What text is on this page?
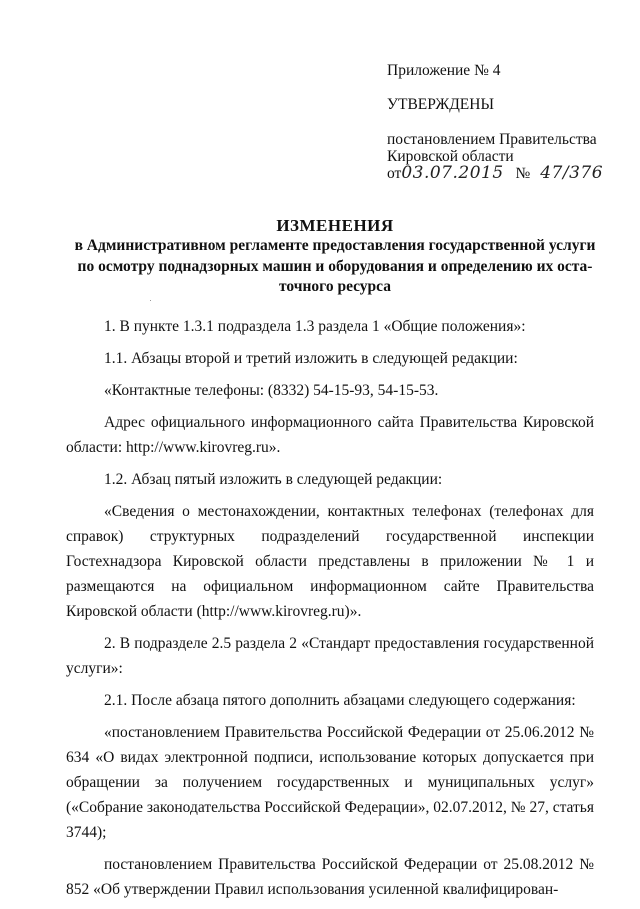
Приложение № 4
УТВЕРЖДЕНЫ
постановлением Правительства
Кировской области
от03.07.2015 № 47/376
ИЗМЕНЕНИЯ
в Административном регламенте предоставления государственной услуги
по осмотру поднадзорных машин и оборудования и определению их оста-
точного ресурса

1. В пункте 1.3.1 подраздела 1.3 раздела 1 «Общие положения»:

1.1. Абзацы второй и третий изложить в следующей редакции:

«Контактные телефоны: (8332) 54-15-93, 54-15-53.

Адрес официального информационного сайта Правительства Кировской области: http://www.kirovreg.ru».

1.2. Абзац пятый изложить в следующей редакции:

«Сведения о местонахождении, контактных телефонах (телефонах для справок) структурных подразделений государственной инспекции Гостехнадзора Кировской области представлены в приложении № 1 и размещаются на официальном информационном сайте Правительства Кировской области (http://www.kirovreg.ru)».

2. В подразделе 2.5 раздела 2 «Стандарт предоставления государственной услуги»:

2.1. После абзаца пятого дополнить абзацами следующего содержания:

«постановлением Правительства Российской Федерации от 25.06.2012 № 634 «О видах электронной подписи, использование которых допускается при обращении за получением государственных и муниципальных услуг» («Собрание законодательства Российской Федерации», 02.07.2012, № 27, статья 3744);

постановлением Правительства Российской Федерации от 25.08.2012 № 852 «Об утверждении Правил использования усиленной квалифицирован-
